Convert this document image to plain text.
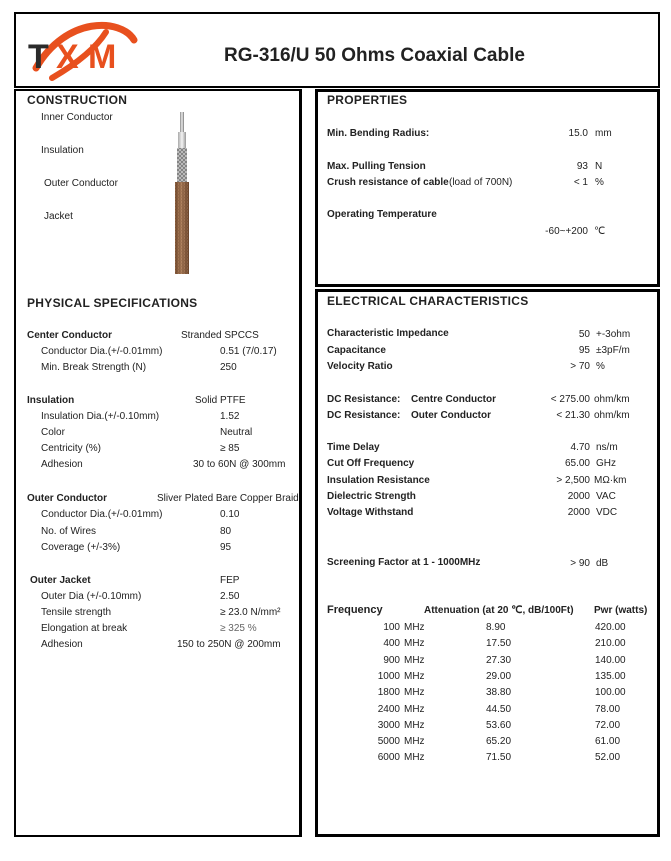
T X M	RG-316/U 50 Ohms Coaxial Cable
CONSTRUCTION
Inner Conductor
Insulation
Outer Conductor
Jacket
PHYSICAL SPECIFICATIONS
Center Conductor	Stranded SPCCS
Conductor Dia.(+/-0.01mm)	0.51 (7/0.17)
Min. Break Strength (N)	250
Insulation	Solid PTFE
Insulation Dia.(+/-0.10mm)	1.52
Color	Neutral
Centricity (%)	≥ 85
Adhesion	30 to 60N @ 300mm
Outer Conductor	Sliver Plated Bare Copper Braid
Conductor Dia.(+/-0.01mm)	0.10
No. of Wires	80
Coverage (+/-3%)	95
Outer Jacket	FEP
Outer Dia (+/-0.10mm)	2.50
Tensile strength	≥ 23.0 N/mm²
Elongation at break	≥ 325 %
Adhesion	150 to 250N @ 200mm
PROPERTIES
Min. Bending Radius:	15.0 mm
Max. Pulling Tension	93 N
Crush resistance of cable (load of 700N)	< 1 %
Operating Temperature
-60~+200 ℃
ELECTRICAL CHARACTERISTICS
Characteristic Impedance	50 +-3ohm
Capacitance	95 ±3pF/m
Velocity Ratio	> 70 %
DC Resistance: Centre Conductor	< 275.00 ohm/km
DC Resistance: Outer Conductor	< 21.30 ohm/km
Time Delay	4.70 ns/m
Cut Off Frequency	65.00 GHz
Insulation Resistance	> 2,500 MΩ·km
Dielectric Strength	2000 VAC
Voltage Withstand	2000 VDC
Screening Factor at 1 - 1000MHz	> 90 dB
Frequency	Attenuation (at 20 ℃, dB/100Ft) Pwr (watts)
100 MHz	8.90	420.00
400 MHz	17.50	210.00
900 MHz	27.30	140.00
1000 MHz	29.00	135.00
1800 MHz	38.80	100.00
2400 MHz	44.50	78.00
3000 MHz	53.60	72.00
5000 MHz	65.20	61.00
6000 MHz	71.50	52.00
